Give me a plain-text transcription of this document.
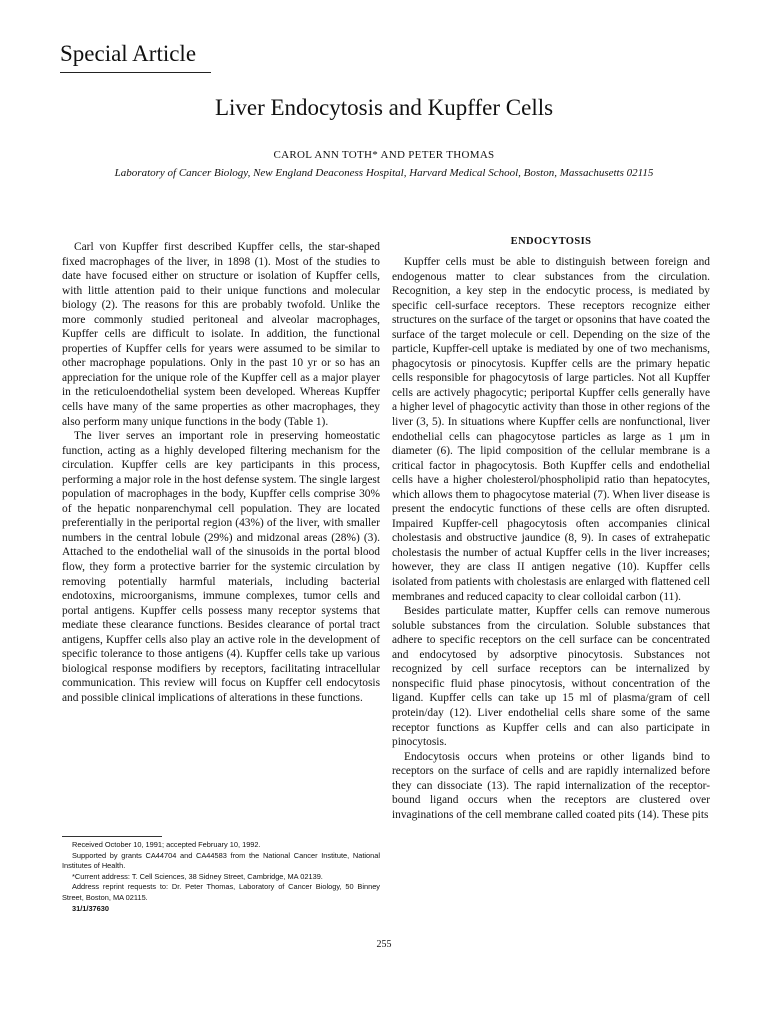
Special Article
Liver Endocytosis and Kupffer Cells
CAROL ANN TOTH* AND PETER THOMAS
Laboratory of Cancer Biology, New England Deaconess Hospital, Harvard Medical School, Boston, Massachusetts 02115

Carl von Kupffer first described Kupffer cells, the star-shaped fixed macrophages of the liver, in 1898 (1). Most of the studies to date have focused either on structure or isolation of Kupffer cells, with little attention paid to their unique functions and molecular biology (2). The reasons for this are probably twofold. Unlike the more commonly studied peritoneal and alveolar macrophages, Kupffer cells are difficult to isolate. In addition, the functional properties of Kupffer cells for years were assumed to be similar to other macrophage populations. Only in the past 10 yr or so has an appreciation for the unique role of the Kupffer cell as a major player in the reticuloendothelial system been developed. Whereas Kupffer cells have many of the same properties as other macrophages, they also perform many unique functions in the body (Table 1).

The liver serves an important role in preserving homeostatic function, acting as a highly developed filtering mechanism for the circulation. Kupffer cells are key participants in this process, performing a major role in the host defense system. The single largest population of macrophages in the body, Kupffer cells comprise 30% of the hepatic nonparenchymal cell population. They are located preferentially in the periportal region (43%) of the liver, with smaller numbers in the central lobule (29%) and midzonal areas (28%) (3). Attached to the endothelial wall of the sinusoids in the portal blood flow, they form a protective barrier for the systemic circulation by removing potentially harmful materials, including bacterial endotoxins, microorganisms, immune complexes, tumor cells and portal antigens. Kupffer cells possess many receptor systems that mediate these clearance functions. Besides clearance of portal tract antigens, Kupffer cells also play an active role in the development of specific tolerance to those antigens (4). Kupffer cells take up various biological response modifiers by receptors, facilitating intracellular communication. This review will focus on Kupffer cell endocytosis and possible clinical implications of alterations in these functions.

Received October 10, 1991; accepted February 10, 1992.

Supported by grants CA44704 and CA44583 from the National Cancer Institute, National Institutes of Health.

*Current address: T. Cell Sciences, 38 Sidney Street, Cambridge, MA 02139.

Address reprint requests to: Dr. Peter Thomas, Laboratory of Cancer Biology, 50 Binney Street, Boston, MA 02115.

31/1/37630

ENDOCYTOSIS

Kupffer cells must be able to distinguish between foreign and endogenous matter to clear substances from the circulation. Recognition, a key step in the endocytic process, is mediated by specific cell-surface receptors. These receptors recognize either structures on the surface of the target or opsonins that have coated the surface of the target molecule or cell. Depending on the size of the particle, Kupffer-cell uptake is mediated by one of two mechanisms, phagocytosis or pinocytosis. Kupffer cells are the primary hepatic cells responsible for phagocytosis of large particles. Not all Kupffer cells are actively phagocytic; periportal Kupffer cells generally have a higher level of phagocytic activity than those in other regions of the liver (3, 5). In situations where Kupffer cells are nonfunctional, liver endothelial cells can phagocytose particles as large as 1 μm in diameter (6). The lipid composition of the cellular membrane is a critical factor in phagocytosis. Both Kupffer cells and endothelial cells have a higher cholesterol/phospholipid ratio than hepatocytes, which allows them to phagocytose material (7). When liver disease is present the endocytic functions of these cells are often disrupted. Impaired Kupffer-cell phagocytosis often accompanies clinical cholestasis and obstructive jaundice (8, 9). In cases of extrahepatic cholestasis the number of actual Kupffer cells in the liver increases; however, they are class II antigen negative (10). Kupffer cells isolated from patients with cholestasis are enlarged with flattened cell membranes and reduced capacity to clear colloidal carbon (11).

Besides particulate matter, Kupffer cells can remove numerous soluble substances from the circulation. Soluble substances that adhere to specific receptors on the cell surface can be concentrated and endocytosed by adsorptive pinocytosis. Substances not recognized by cell surface receptors can be internalized by nonspecific fluid phase pinocytosis, without concentration of the ligand. Kupffer cells can take up 15 ml of plasma/gram of cell protein/day (12). Liver endothelial cells share some of the same receptor functions as Kupffer cells and can also participate in pinocytosis.

Endocytosis occurs when proteins or other ligands bind to receptors on the surface of cells and are rapidly internalized before they can dissociate (13). The rapid internalization of the receptor-bound ligand occurs when the receptors are clustered over invaginations of the cell membrane called coated pits (14). These pits

255
